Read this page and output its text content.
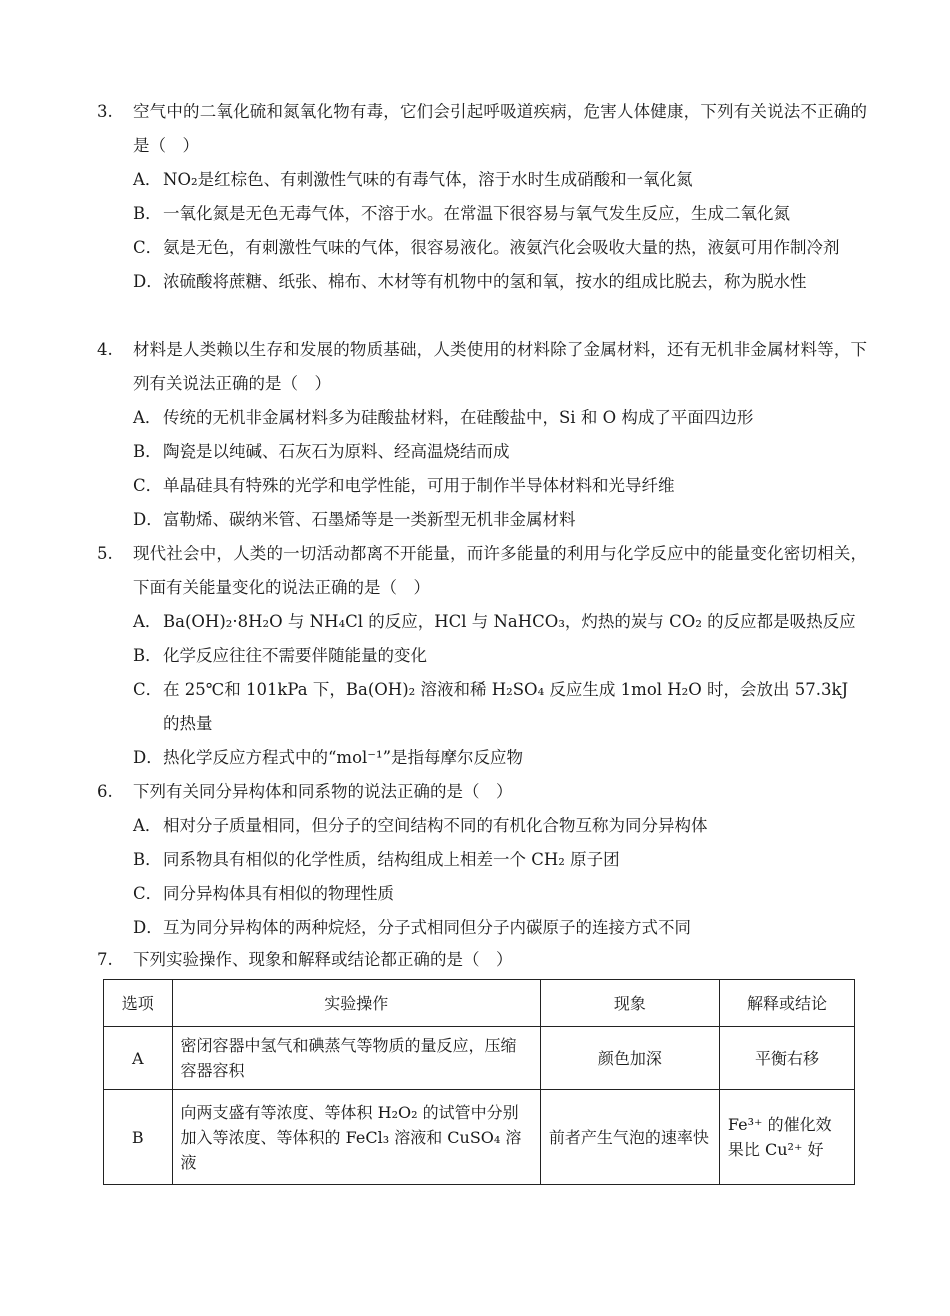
3.	空气中的二氧化硫和氮氧化物有毒，它们会引起呼吸道疾病，危害人体健康，下列有关说法不正确的是（　）
A． NO₂是红棕色、有刺激性气味的有毒气体，溶于水时生成硝酸和一氧化氮
B． 一氧化氮是无色无毒气体，不溶于水。在常温下很容易与氧气发生反应，生成二氧化氮
C． 氨是无色，有刺激性气味的气体，很容易液化。液氨汽化会吸收大量的热，液氨可用作制冷剂
D． 浓硫酸将蔗糖、纸张、棉布、木材等有机物中的氢和氧，按水的组成比脱去，称为脱水性
4.	材料是人类赖以生存和发展的物质基础，人类使用的材料除了金属材料，还有无机非金属材料等，下列有关说法正确的是（　）
A． 传统的无机非金属材料多为硅酸盐材料，在硅酸盐中，Si 和 O 构成了平面四边形
B． 陶瓷是以纯碱、石灰石为原料、经高温烧结而成
C． 单晶硅具有特殊的光学和电学性能，可用于制作半导体材料和光导纤维
D． 富勒烯、碳纳米管、石墨烯等是一类新型无机非金属材料
5.	现代社会中，人类的一切活动都离不开能量，而许多能量的利用与化学反应中的能量变化密切相关，下面有关能量变化的说法正确的是（　）
A． Ba(OH)₂·8H₂O 与 NH₄Cl 的反应，HCl 与 NaHCO₃，灼热的炭与 CO₂ 的反应都是吸热反应
B． 化学反应往往不需要伴随能量的变化
C． 在 25℃和 101kPa 下，Ba(OH)₂ 溶液和稀 H₂SO₄ 反应生成 1mol H₂O 时，会放出 57.3kJ 的热量
D． 热化学反应方程式中的“mol⁻¹”是指每摩尔反应物
6.	下列有关同分异构体和同系物的说法正确的是（　）
A． 相对分子质量相同，但分子的空间结构不同的有机化合物互称为同分异构体
B． 同系物具有相似的化学性质，结构组成上相差一个 CH₂ 原子团
C． 同分异构体具有相似的物理性质
D． 互为同分异构体的两种烷烃，分子式相同但分子内碳原子的连接方式不同
7.	下列实验操作、现象和解释或结论都正确的是（　）
选项	实验操作	现象	解释或结论
A	密闭容器中氢气和碘蒸气等物质的量反应，压缩容器容积	颜色加深	平衡右移
B	向两支盛有等浓度、等体积 H₂O₂ 的试管中分别加入等浓度、等体积的 FeCl₃ 溶液和 CuSO₄ 溶液	前者产生气泡的速率快	Fe³⁺ 的催化效果比 Cu²⁺ 好
